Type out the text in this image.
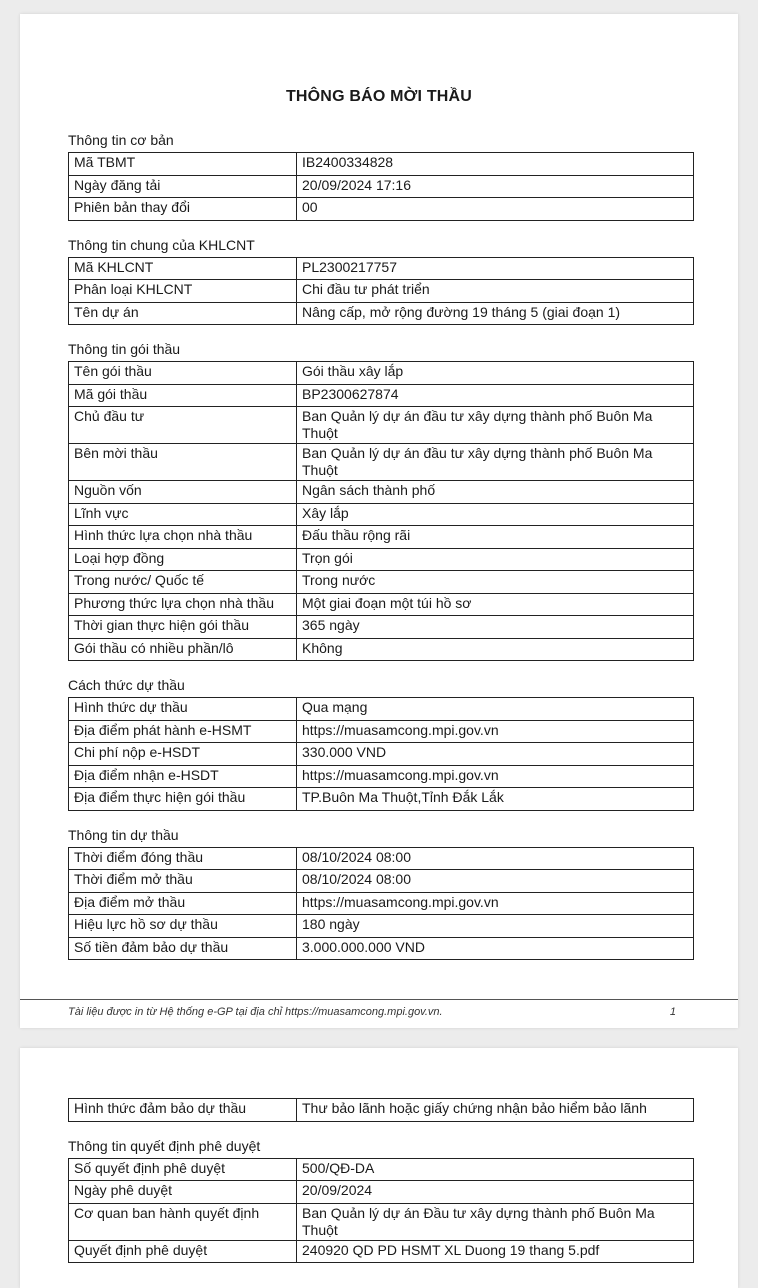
THÔNG BÁO MỜI THẦU
Thông tin cơ bản
Mã TBMT	IB2400334828
Ngày đăng tải	20/09/2024 17:16
Phiên bản thay đổi	00
Thông tin chung của KHLCNT
Mã KHLCNT	PL2300217757
Phân loại KHLCNT	Chi đầu tư phát triển
Tên dự án	Nâng cấp, mở rộng đường 19 tháng 5 (giai đoạn 1)
Thông tin gói thầu
Tên gói thầu	Gói thầu xây lắp
Mã gói thầu	BP2300627874
Chủ đầu tư	Ban Quản lý dự án đầu tư xây dựng thành phố Buôn Ma Thuột
Bên mời thầu	Ban Quản lý dự án đầu tư xây dựng thành phố Buôn Ma Thuột
Nguồn vốn	Ngân sách thành phố
Lĩnh vực	Xây lắp
Hình thức lựa chọn nhà thầu	Đấu thầu rộng rãi
Loại hợp đồng	Trọn gói
Trong nước/ Quốc tế	Trong nước
Phương thức lựa chọn nhà thầu	Một giai đoạn một túi hồ sơ
Thời gian thực hiện gói thầu	365 ngày
Gói thầu có nhiều phần/lô	Không
Cách thức dự thầu
Hình thức dự thầu	Qua mạng
Địa điểm phát hành e-HSMT	https://muasamcong.mpi.gov.vn
Chi phí nộp e-HSDT	330.000 VND
Địa điểm nhận e-HSDT	https://muasamcong.mpi.gov.vn
Địa điểm thực hiện gói thầu	TP.Buôn Ma Thuột,Tỉnh Đắk Lắk
Thông tin dự thầu
Thời điểm đóng thầu	08/10/2024 08:00
Thời điểm mở thầu	08/10/2024 08:00
Địa điểm mở thầu	https://muasamcong.mpi.gov.vn
Hiệu lực hồ sơ dự thầu	180 ngày
Số tiền đảm bảo dự thầu	3.000.000.000 VND
Tài liệu được in từ Hệ thống e-GP tại địa chỉ https://muasamcong.mpi.gov.vn.	1
Hình thức đảm bảo dự thầu	Thư bảo lãnh hoặc giấy chứng nhận bảo hiểm bảo lãnh
Thông tin quyết định phê duyệt
Số quyết định phê duyệt	500/QĐ-DA
Ngày phê duyệt	20/09/2024
Cơ quan ban hành quyết định	Ban Quản lý dự án Đầu tư xây dựng thành phố Buôn Ma Thuột
Quyết định phê duyệt	240920 QD PD HSMT XL Duong 19 thang 5.pdf
